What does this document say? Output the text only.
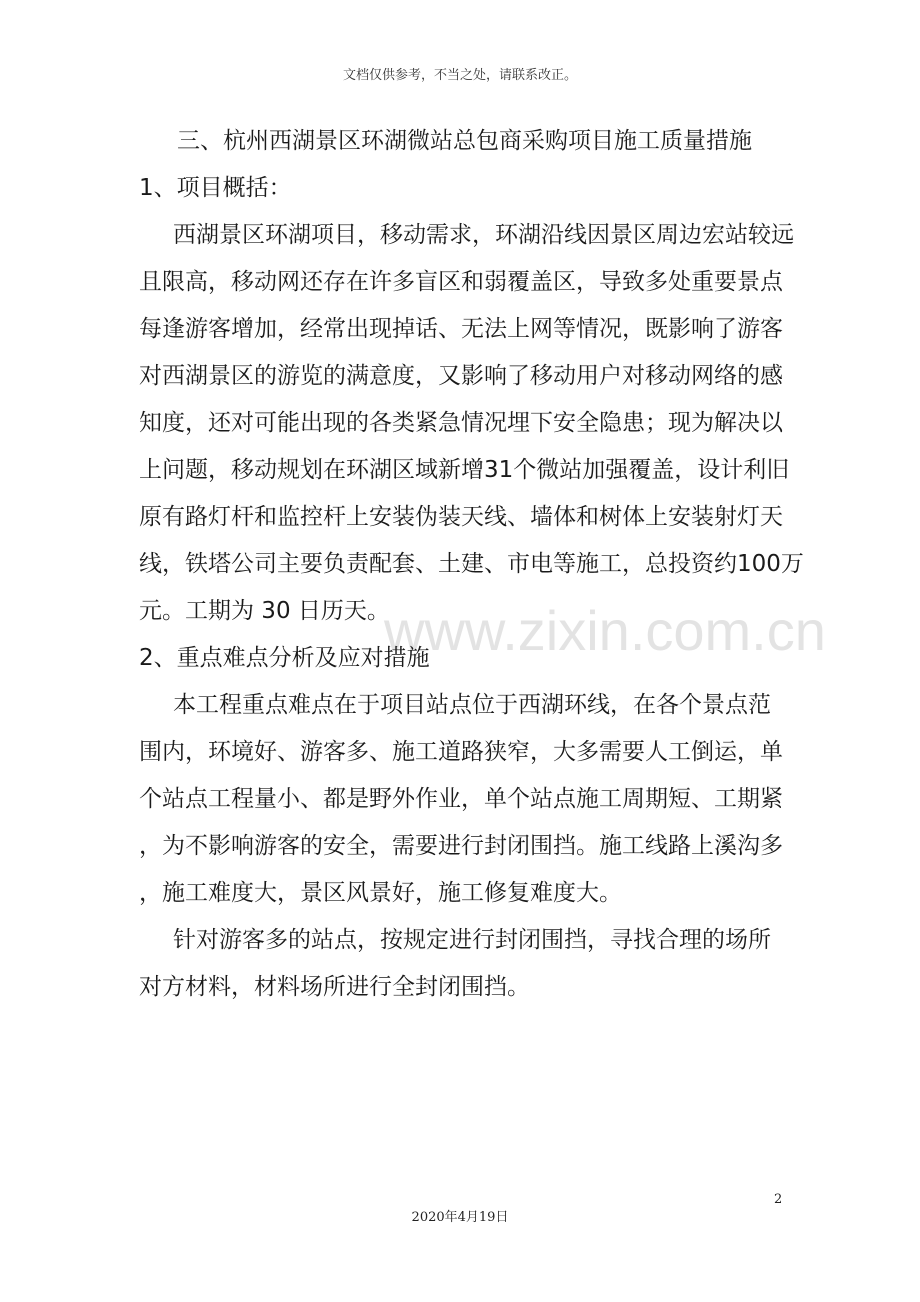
文档仅供参考，不当之处，请联系改正。
www.zixin.com.cn
三、杭州西湖景区环湖微站总包商采购项目施工质量措施
1、项目概括：
西湖景区环湖项目，移动需求，环湖沿线因景区周边宏站较远
且限高，移动网还存在许多盲区和弱覆盖区，导致多处重要景点
每逢游客增加，经常出现掉话、无法上网等情况，既影响了游客
对西湖景区的游览的满意度，又影响了移动用户对移动网络的感
知度，还对可能出现的各类紧急情况埋下安全隐患；现为解决以
上问题，移动规划在环湖区域新增31个微站加强覆盖，设计利旧
原有路灯杆和监控杆上安装伪装天线、墙体和树体上安装射灯天
线，铁塔公司主要负责配套、土建、市电等施工，总投资约100万
元。工期为 30 日历天。
2、重点难点分析及应对措施
本工程重点难点在于项目站点位于西湖环线，在各个景点范
围内，环境好、游客多、施工道路狭窄，大多需要人工倒运，单
个站点工程量小、都是野外作业，单个站点施工周期短、工期紧
，为不影响游客的安全，需要进行封闭围挡。施工线路上溪沟多
，施工难度大，景区风景好，施工修复难度大。
针对游客多的站点，按规定进行封闭围挡，寻找合理的场所
对方材料，材料场所进行全封闭围挡。
2
2020年4月19日
